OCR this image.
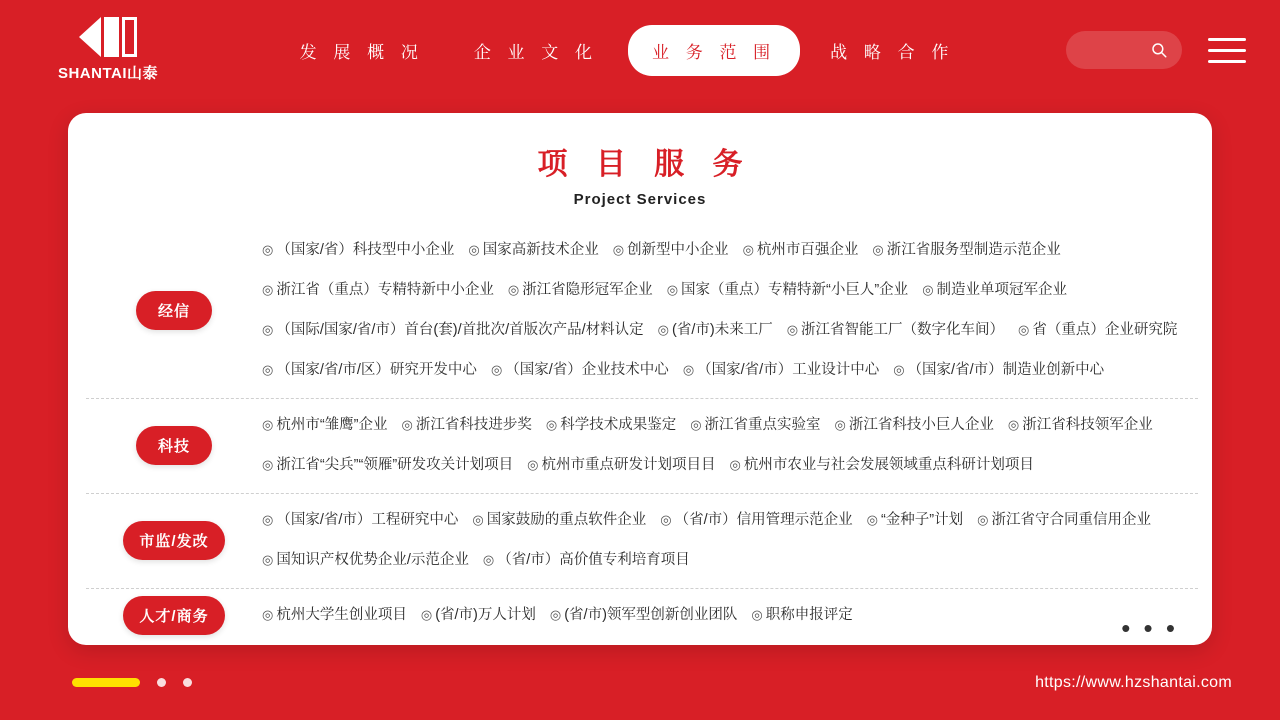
SHANTAI山泰
发 展 概 况	企 业 文 化	业 务 范 围	战 略 合 作
项 目 服 务
Project Services
经信
◎ （国家/省）科技型中小企业 ◎ 国家高新技术企业 ◎ 创新型中小企业 ◎ 杭州市百强企业 ◎ 浙江省服务型制造示范企业
◎ 浙江省（重点）专精特新中小企业 ◎ 浙江省隐形冠军企业 ◎ 国家（重点）专精特新“小巨人”企业 ◎ 制造业单项冠军企业
◎ （国际/国家/省/市）首台(套)/首批次/首版次产品/材料认定 ◎ (省/市)未来工厂 ◎ 浙江省智能工厂（数字化车间） ◎ 省（重点）企业研究院
◎ （国家/省/市/区）研究开发中心 ◎ （国家/省）企业技术中心 ◎ （国家/省/市）工业设计中心 ◎ （国家/省/市）制造业创新中心
科技
◎ 杭州市“雏鹰”企业 ◎ 浙江省科技进步奖 ◎ 科学技术成果鉴定 ◎ 浙江省重点实验室 ◎ 浙江省科技小巨人企业 ◎ 浙江省科技领军企业
◎ 浙江省“尖兵”“领雁”研发攻关计划项目 ◎ 杭州市重点研发计划项目目 ◎ 杭州市农业与社会发展领域重点科研计划项目
市监/发改
◎ （国家/省/市）工程研究中心 ◎ 国家鼓励的重点软件企业 ◎ （省/市）信用管理示范企业 ◎ “金种子”计划 ◎ 浙江省守合同重信用企业
◎ 国知识产权优势企业/示范企业 ◎ （省/市）高价值专利培育项目
人才/商务	◎ 杭州大学生创业项目 ◎ (省/市)万人计划 ◎ (省/市)领军型创新创业团队 ◎ 职称申报评定	• • •
https://www.hzshantai.com
